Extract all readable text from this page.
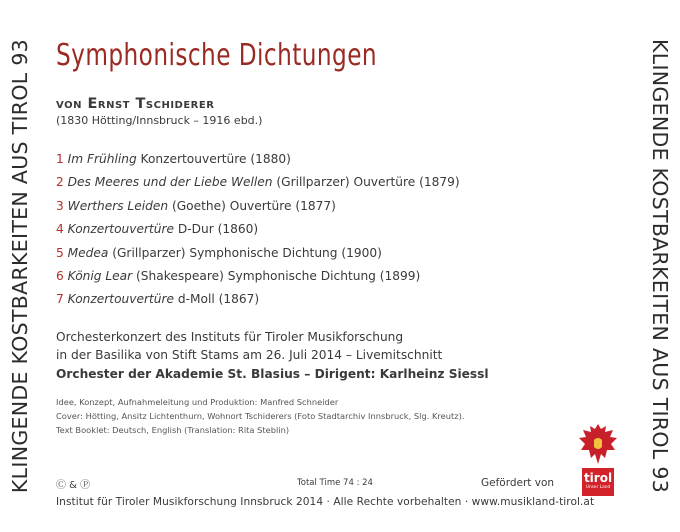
KLINGENDE KOSTBARKEITEN AUS TIROL 93	KLINGENDE KOSTBARKEITEN AUS TIROL 93
Symphonische Dichtungen
von Ernst Tschiderer
(1830 Hötting/Innsbruck – 1916 ebd.)
1 Im Frühling Konzertouvertüre (1880)
2 Des Meeres und der Liebe Wellen (Grillparzer) Ouvertüre (1879)
3 Werthers Leiden (Goethe) Ouvertüre (1877)
4 Konzertouvertüre D-Dur (1860)
5 Medea (Grillparzer) Symphonische Dichtung (1900)
6 König Lear (Shakespeare) Symphonische Dichtung (1899)
7 Konzertouvertüre d-Moll (1867)
Orchesterkonzert des Instituts für Tiroler Musikforschung
in der Basilika von Stift Stams am 26. Juli 2014 – Livemitschnitt
Orchester der Akademie St. Blasius – Dirigent: Karlheinz Siessl
Idee, Konzept, Aufnahmeleitung und Produktion: Manfred Schneider
Cover: Hötting, Ansitz Lichtenthurn, Wohnort Tschiderers (Foto Stadtarchiv Innsbruck, Slg. Kreutz).
Text Booklet: Deutsch, English (Translation: Rita Steblin)
Ⓒ & Ⓟ	Total Time 74 : 24	Gefördert von tirol
Unser Land
Institut für Tiroler Musikforschung Innsbruck 2014 · Alle Rechte vorbehalten · www.musikland-tirol.at
